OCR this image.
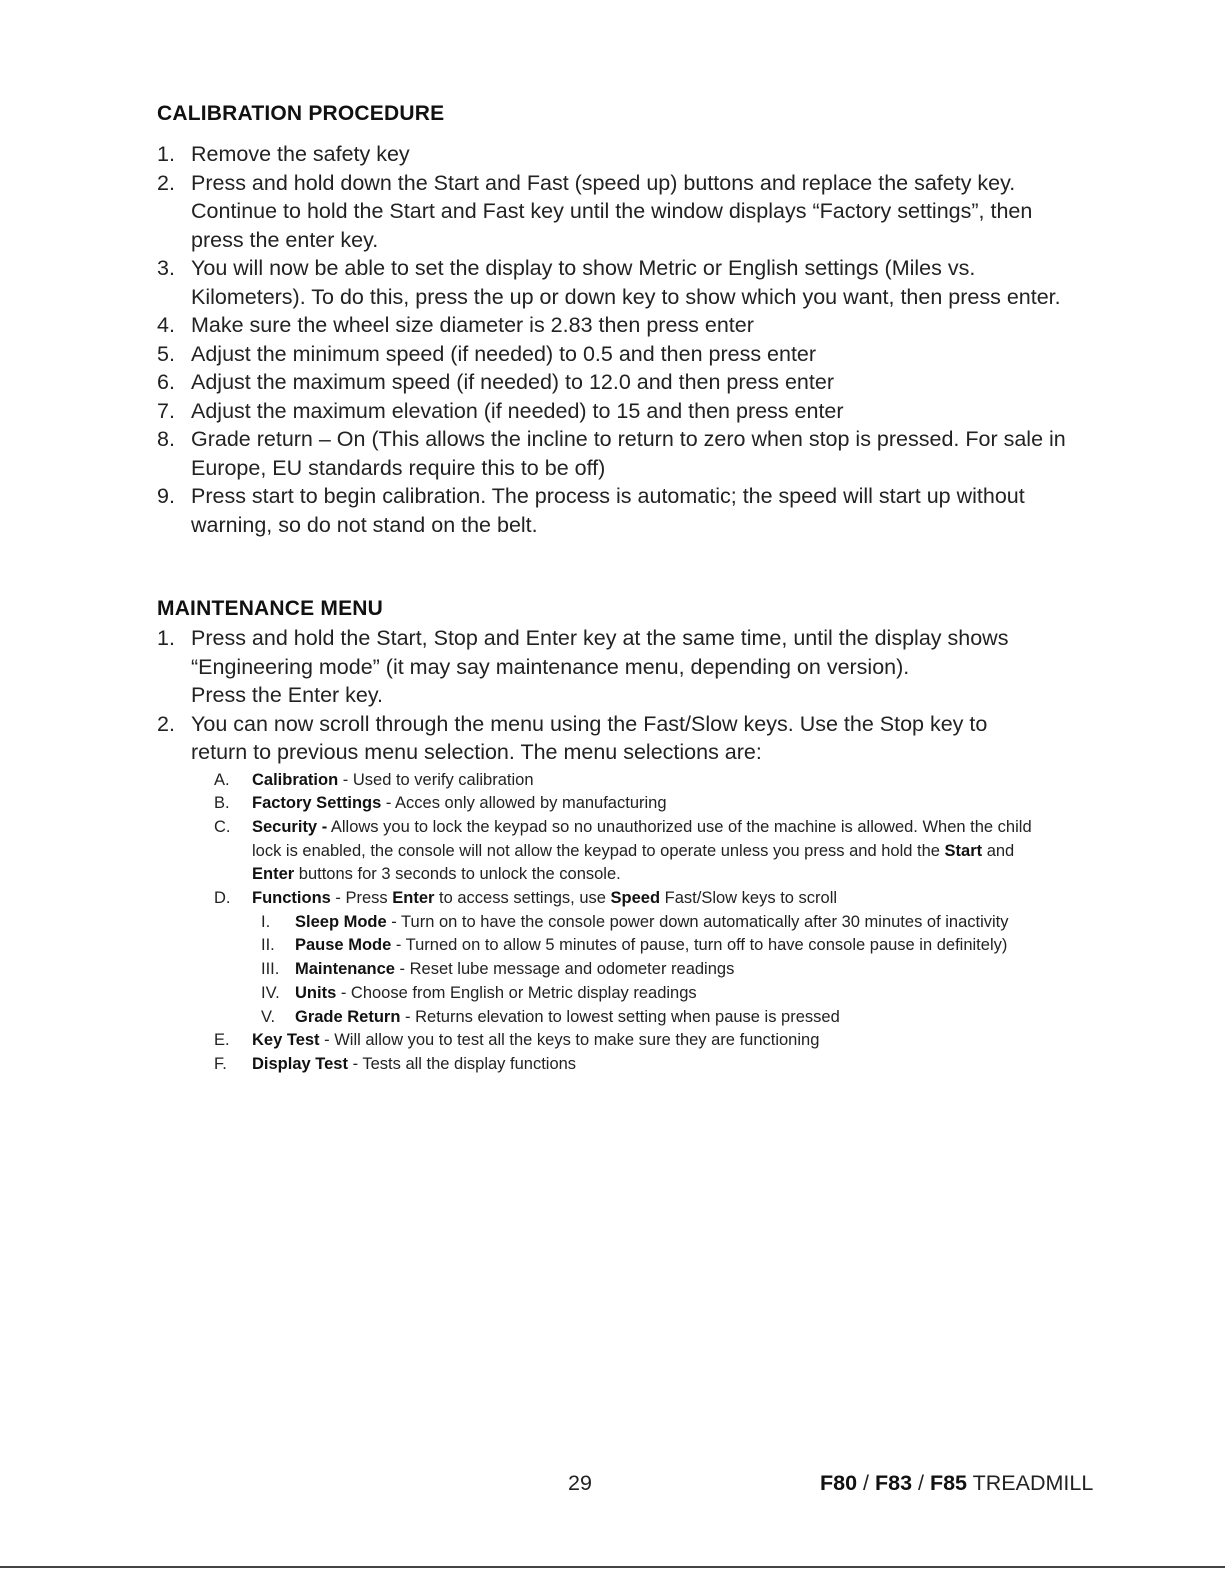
CALIBRATION PROCEDURE
1. Remove the safety key
2. Press and hold down the Start and Fast (speed up) buttons and replace the safety key.
Continue to hold the Start and Fast key until the window displays “Factory settings”, then
press the enter key.
3. You will now be able to set the display to show Metric or English settings (Miles vs.
Kilometers). To do this, press the up or down key to show which you want, then press enter.
4. Make sure the wheel size diameter is 2.83 then press enter
5. Adjust the minimum speed (if needed) to 0.5 and then press enter
6. Adjust the maximum speed (if needed) to 12.0 and then press enter
7. Adjust the maximum elevation (if needed) to 15 and then press enter
8. Grade return – On (This allows the incline to return to zero when stop is pressed. For sale in
Europe, EU standards require this to be off)
9. Press start to begin calibration. The process is automatic; the speed will start up without
warning, so do not stand on the belt.
MAINTENANCE MENU
1. Press and hold the Start, Stop and Enter key at the same time, until the display shows
“Engineering mode” (it may say maintenance menu, depending on version).
Press the Enter key.
2. You can now scroll through the menu using the Fast/Slow keys. Use the Stop key to
return to previous menu selection. The menu selections are:
A. Calibration - Used to verify calibration
B. Factory Settings - Acces only allowed by manufacturing
C. Security - Allows you to lock the keypad so no unauthorized use of the machine is allowed. When the child
lock is enabled, the console will not allow the keypad to operate unless you press and hold the Start and
Enter buttons for 3 seconds to unlock the console.
D. Functions - Press Enter to access settings, use Speed Fast/Slow keys to scroll
I. Sleep Mode - Turn on to have the console power down automatically after 30 minutes of inactivity
II. Pause Mode - Turned on to allow 5 minutes of pause, turn off to have console pause in definitely)
III. Maintenance - Reset lube message and odometer readings
IV. Units - Choose from English or Metric display readings
V. Grade Return - Returns elevation to lowest setting when pause is pressed
E. Key Test - Will allow you to test all the keys to make sure they are functioning
F. Display Test - Tests all the display functions
29	F80 / F83 / F85 TREADMILL
